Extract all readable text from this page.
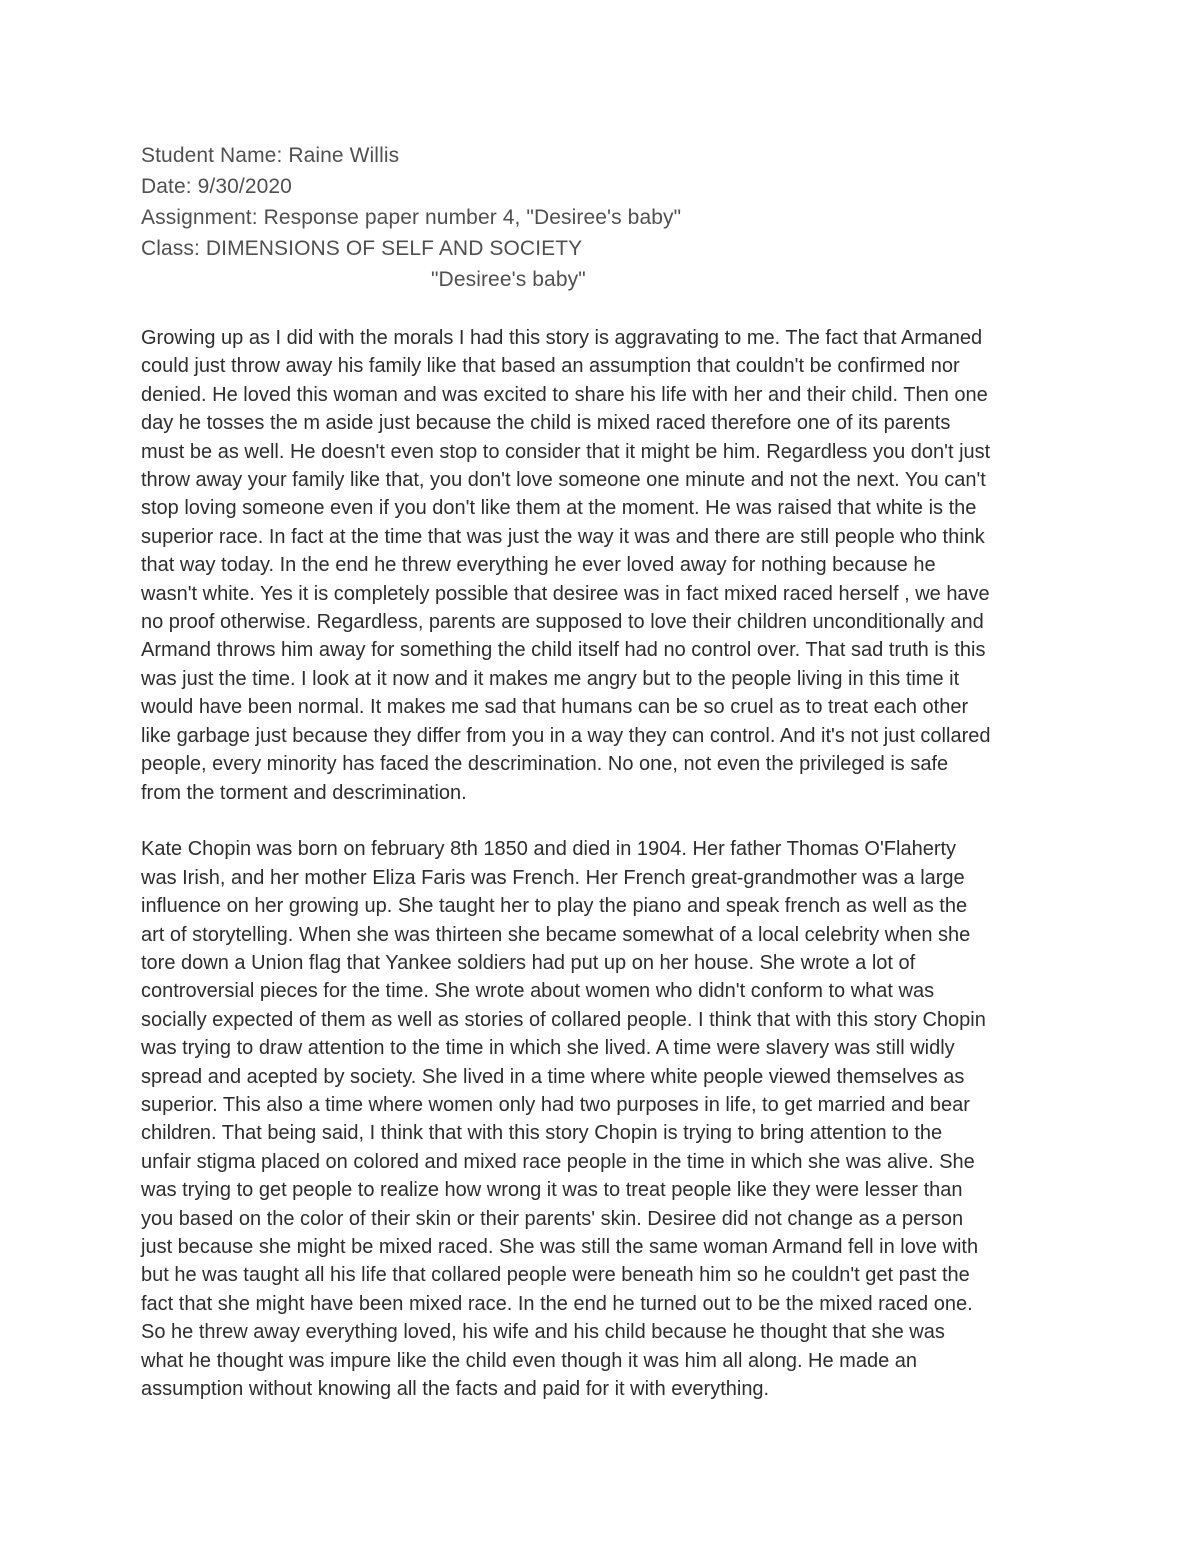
Student Name: Raine Willis
Date: 9/30/2020
Assignment: Response paper number 4, "Desiree's baby"
Class: DIMENSIONS OF SELF AND SOCIETY
"Desiree's baby"
Growing up as I did with the morals I had this story is aggravating to me. The fact that Armaned
could just throw away his family like that based an assumption that couldn't be confirmed nor
denied. He loved this woman and was excited to share his life with her and their child. Then one
day he tosses the m aside just because the child is mixed raced therefore one of its parents
must be as well. He doesn't even stop to consider that it might be him. Regardless you don't just
throw away your family like that, you don't love someone one minute and not the next. You can't
stop loving someone even if you don't like them at the moment. He was raised that white is the
superior race. In fact at the time that was just the way it was and there are still people who think
that way today. In the end he threw everything he ever loved away for nothing because he
wasn't white. Yes it is completely possible that desiree was in fact mixed raced herself , we have
no proof otherwise. Regardless, parents are supposed to love their children unconditionally and
Armand throws him away for something the child itself had no control over. That sad truth is this
was just the time. I look at it now and it makes me angry but to the people living in this time it
would have been normal. It makes me sad that humans can be so cruel as to treat each other
like garbage just because they differ from you in a way they can control. And it's not just collared
people, every minority has faced the descrimination. No one, not even the privileged is safe
from the torment and descrimination.
Kate Chopin was born on february 8th 1850 and died in 1904. Her father Thomas O'Flaherty
was Irish, and her mother Eliza Faris was French. Her French great-grandmother was a large
influence on her growing up. She taught her to play the piano and speak french as well as the
art of storytelling. When she was thirteen she became somewhat of a local celebrity when she
tore down a Union flag that Yankee soldiers had put up on her house. She wrote a lot of
controversial pieces for the time. She wrote about women who didn't conform to what was
socially expected of them as well as stories of collared people. I think that with this story Chopin
was trying to draw attention to the time in which she lived. A time were slavery was still widly
spread and acepted by society. She lived in a time where white people viewed themselves as
superior. This also a time where women only had two purposes in life, to get married and bear
children. That being said, I think that with this story Chopin is trying to bring attention to the
unfair stigma placed on colored and mixed race people in the time in which she was alive. She
was trying to get people to realize how wrong it was to treat people like they were lesser than
you based on the color of their skin or their parents' skin. Desiree did not change as a person
just because she might be mixed raced. She was still the same woman Armand fell in love with
but he was taught all his life that collared people were beneath him so he couldn't get past the
fact that she might have been mixed race. In the end he turned out to be the mixed raced one.
So he threw away everything loved, his wife and his child because he thought that she was
what he thought was impure like the child even though it was him all along. He made an
assumption without knowing all the facts and paid for it with everything.
